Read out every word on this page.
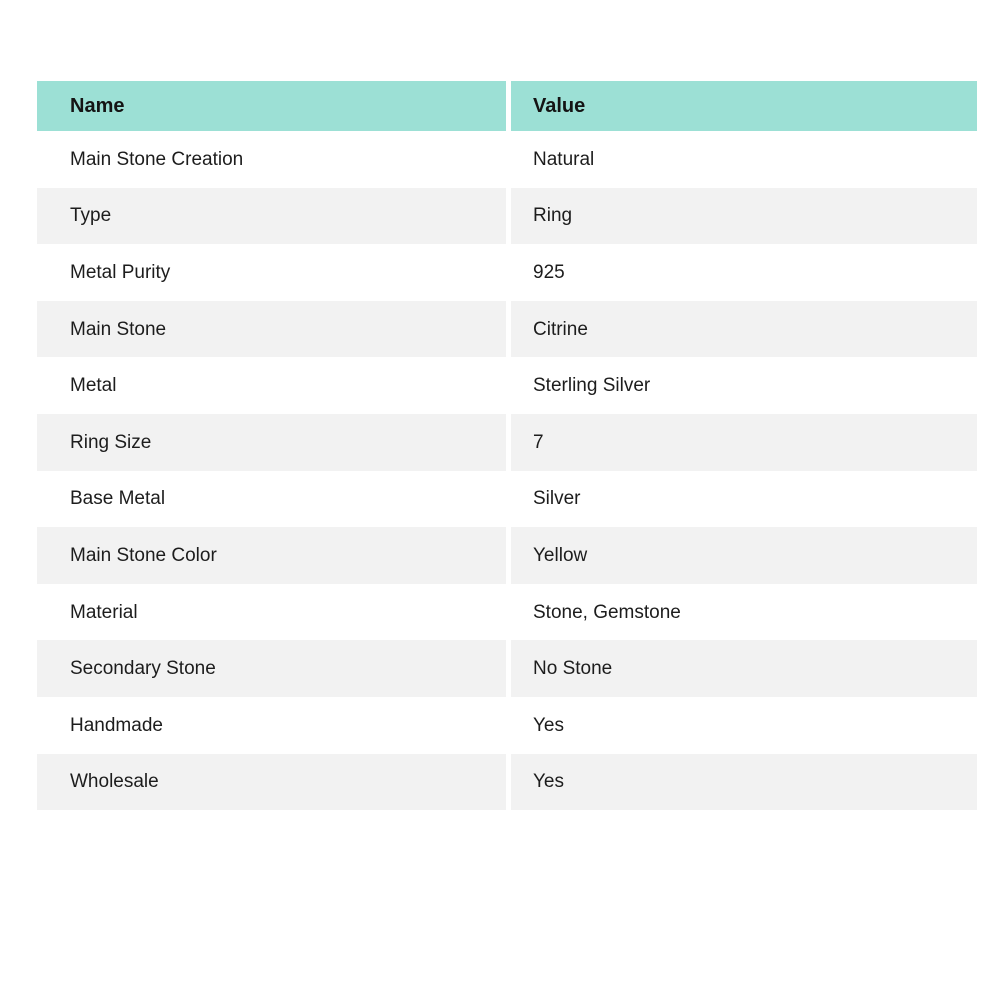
Name	Value
Main Stone Creation	Natural
Type	Ring
Metal Purity	925
Main Stone	Citrine
Metal	Sterling Silver
Ring Size	7
Base Metal	Silver
Main Stone Color	Yellow
Material	Stone, Gemstone
Secondary Stone	No Stone
Handmade	Yes
Wholesale	Yes
